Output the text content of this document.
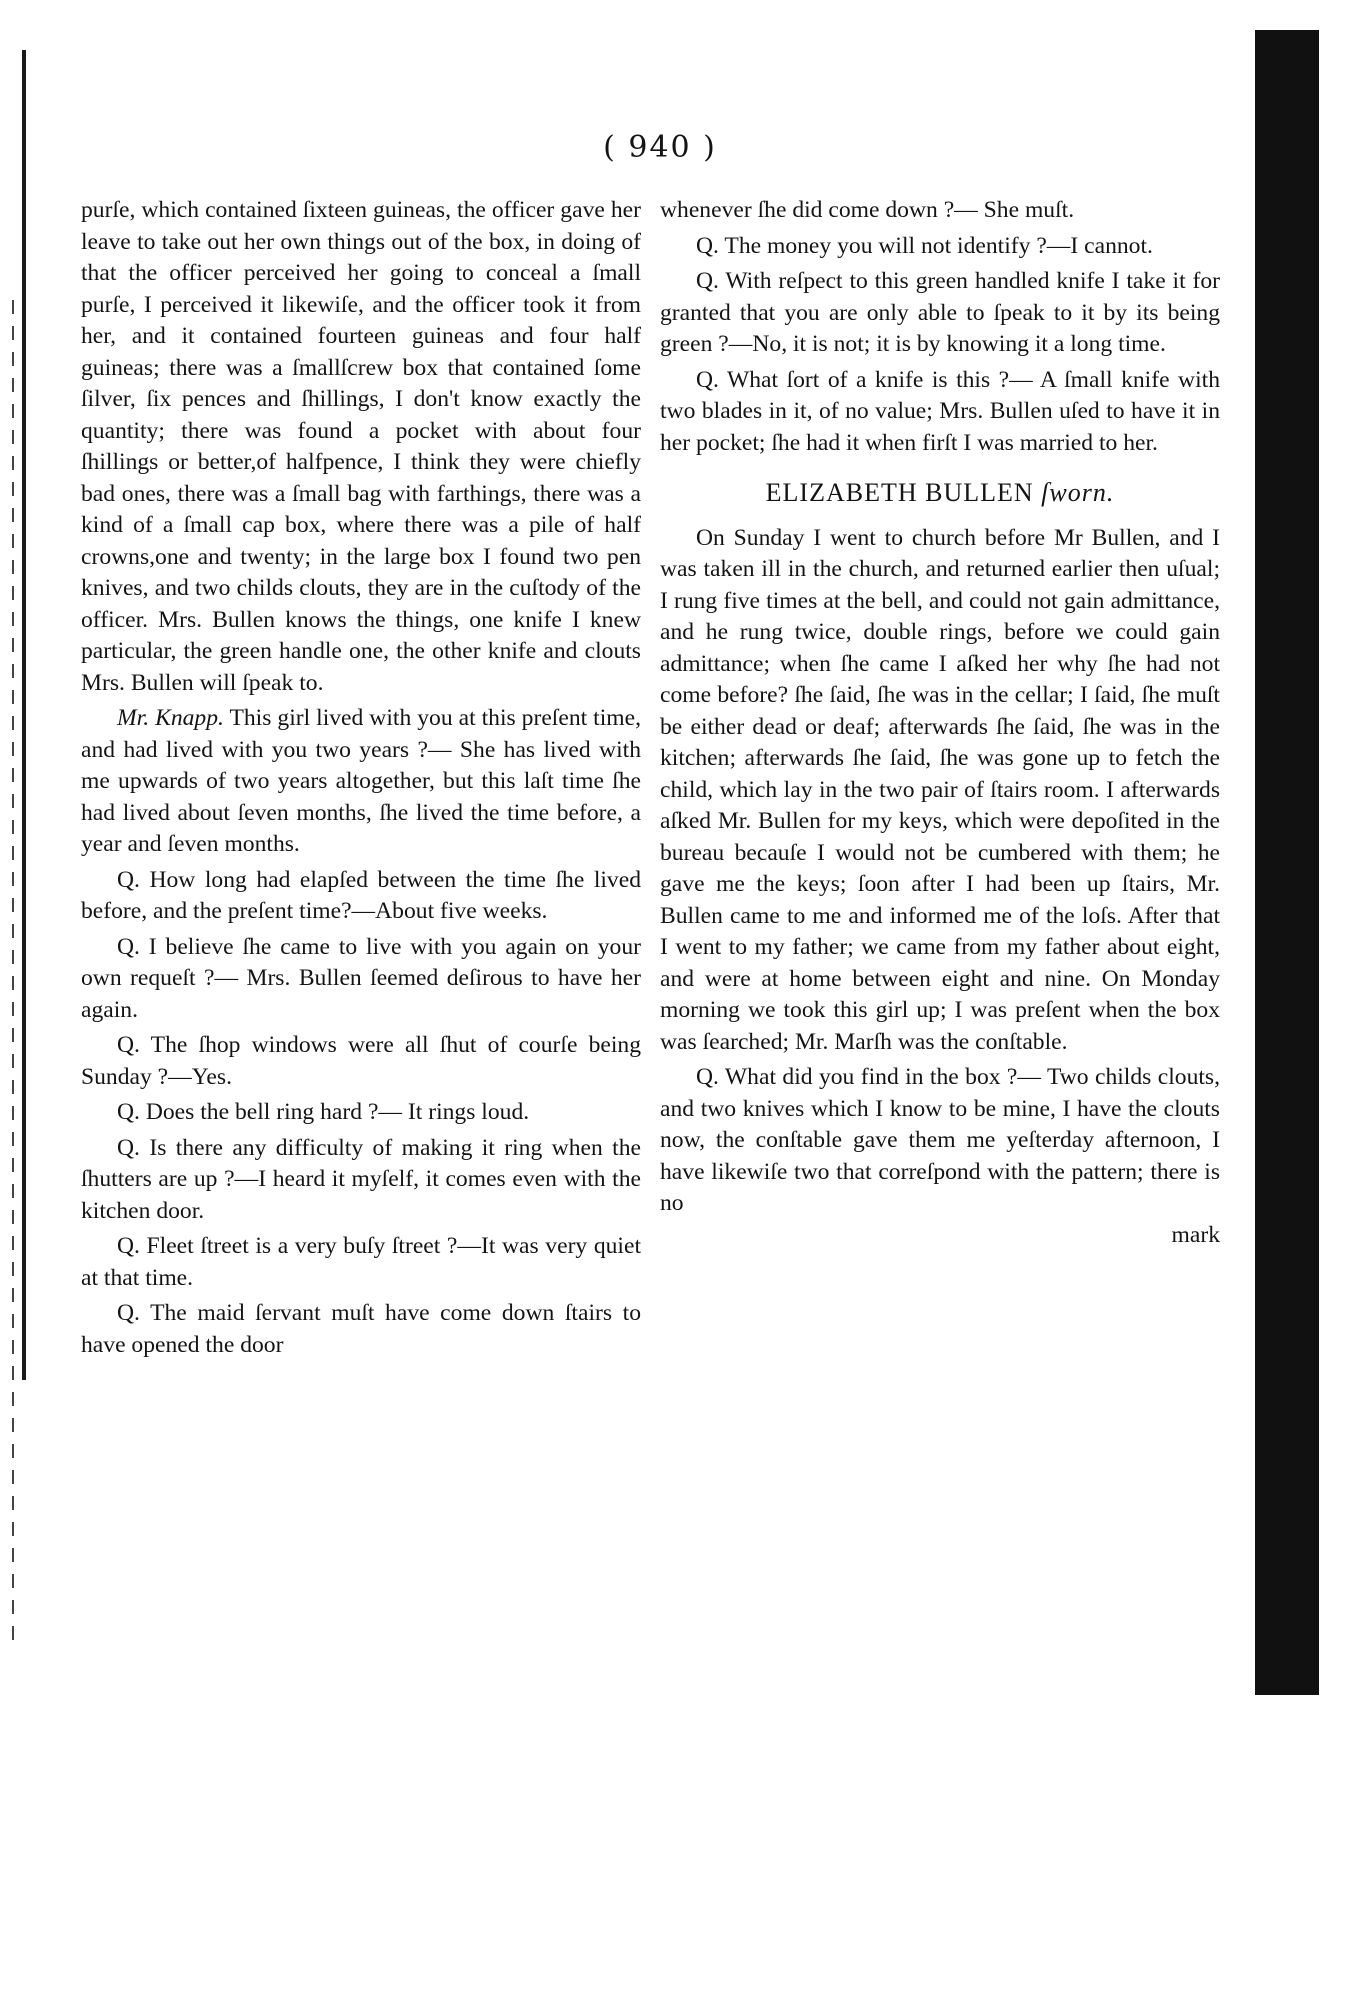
( 940 )

purſe, which contained ſixteen guineas, the officer gave her leave to take out her own things out of the box, in doing of that the officer perceived her going to conceal a ſmall purſe, I perceived it likewiſe, and the officer took it from her, and it contained fourteen guineas and four half guineas; there was a ſmallſcrew box that contained ſome ſilver, ſix pences and ſhillings, I don't know exactly the quantity; there was found a pocket with about four ſhillings or better,of halfpence, I think they were chiefly bad ones, there was a ſmall bag with farthings, there was a kind of a ſmall cap box, where there was a pile of half crowns,one and twenty; in the large box I found two pen knives, and two childs clouts, they are in the cuſtody of the officer. Mrs. Bullen knows the things, one knife I knew particular, the green handle one, the other knife and clouts Mrs. Bullen will ſpeak to.

Mr. Knapp. This girl lived with you at this preſent time, and had lived with you two years ?— She has lived with me upwards of two years altogether, but this laſt time ſhe had lived about ſeven months, ſhe lived the time before, a year and ſeven months.

Q. How long had elapſed between the time ſhe lived before, and the preſent time?—About five weeks.

Q. I believe ſhe came to live with you again on your own requeſt ?— Mrs. Bullen ſeemed deſirous to have her again.

Q. The ſhop windows were all ſhut of courſe being Sunday ?—Yes.

Q. Does the bell ring hard ?— It rings loud.

Q. Is there any difficulty of making it ring when the ſhutters are up ?—I heard it myſelf, it comes even with the kitchen door.

Q. Fleet ſtreet is a very buſy ſtreet ?—It was very quiet at that time.

Q. The maid ſervant muſt have come down ſtairs to have opened the door

whenever ſhe did come down ?— She muſt.

Q. The money you will not identify ?—I cannot.

Q. With reſpect to this green handled knife I take it for granted that you are only able to ſpeak to it by its being green ?—No, it is not; it is by knowing it a long time.

Q. What ſort of a knife is this ?— A ſmall knife with two blades in it, of no value; Mrs. Bullen uſed to have it in her pocket; ſhe had it when firſt I was married to her.

ELIZABETH BULLEN ſworn.

On Sunday I went to church before Mr Bullen, and I was taken ill in the church, and returned earlier then uſual; I rung five times at the bell, and could not gain admittance, and he rung twice, double rings, before we could gain admittance; when ſhe came I aſked her why ſhe had not come before? ſhe ſaid, ſhe was in the cellar; I ſaid, ſhe muſt be either dead or deaf; afterwards ſhe ſaid, ſhe was in the kitchen; afterwards ſhe ſaid, ſhe was gone up to fetch the child, which lay in the two pair of ſtairs room. I afterwards aſked Mr. Bullen for my keys, which were depoſited in the bureau becauſe I would not be cumbered with them; he gave me the keys; ſoon after I had been up ſtairs, Mr. Bullen came to me and informed me of the loſs. After that I went to my father; we came from my father about eight, and were at home between eight and nine. On Monday morning we took this girl up; I was preſent when the box was ſearched; Mr. Marſh was the conſtable.

Q. What did you find in the box ?— Two childs clouts, and two knives which I know to be mine, I have the clouts now, the conſtable gave them me yeſterday afternoon, I have likewiſe two that correſpond with the pattern; there is no

mark
